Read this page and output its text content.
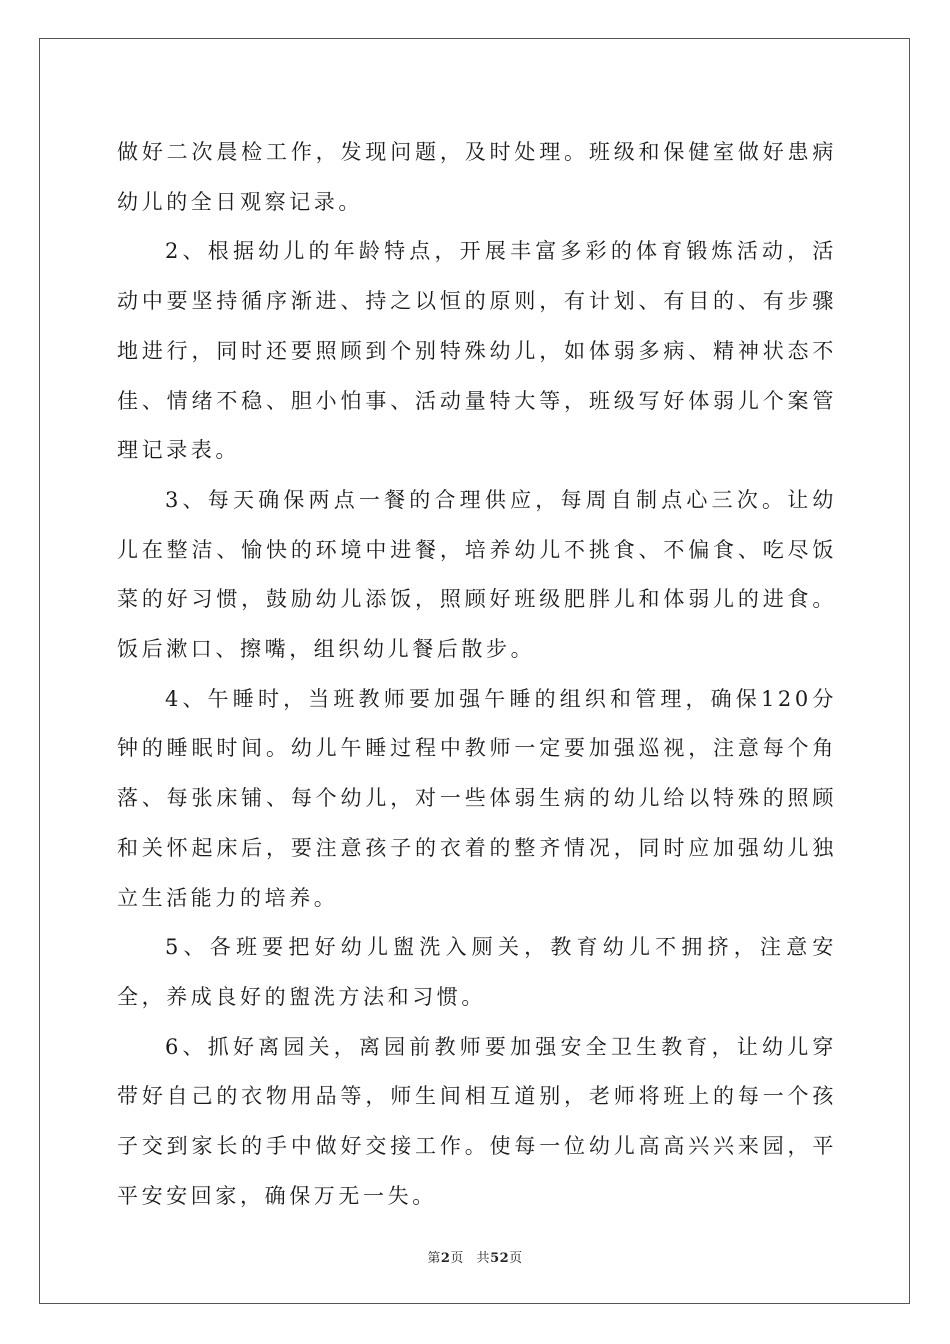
做好二次晨检工作，发现问题，及时处理。班级和保健室做好患病幼儿的全日观察记录。

2、根据幼儿的年龄特点，开展丰富多彩的体育锻炼活动，活动中要坚持循序渐进、持之以恒的原则，有计划、有目的、有步骤地进行，同时还要照顾到个别特殊幼儿，如体弱多病、精神状态不佳、情绪不稳、胆小怕事、活动量特大等，班级写好体弱儿个案管理记录表。

3、每天确保两点一餐的合理供应，每周自制点心三次。让幼儿在整洁、愉快的环境中进餐，培养幼儿不挑食、不偏食、吃尽饭菜的好习惯，鼓励幼儿添饭，照顾好班级肥胖儿和体弱儿的进食。饭后漱口、擦嘴，组织幼儿餐后散步。

4、午睡时，当班教师要加强午睡的组织和管理，确保120分钟的睡眠时间。幼儿午睡过程中教师一定要加强巡视，注意每个角落、每张床铺、每个幼儿，对一些体弱生病的幼儿给以特殊的照顾和关怀起床后，要注意孩子的衣着的整齐情况，同时应加强幼儿独立生活能力的培养。

5、各班要把好幼儿盥洗入厕关，教育幼儿不拥挤，注意安全，养成良好的盥洗方法和习惯。

6、抓好离园关，离园前教师要加强安全卫生教育，让幼儿穿带好自己的衣物用品等，师生间相互道别，老师将班上的每一个孩子交到家长的手中做好交接工作。使每一位幼儿高高兴兴来园，平平安安回家，确保万无一失。

第2页 共52页
